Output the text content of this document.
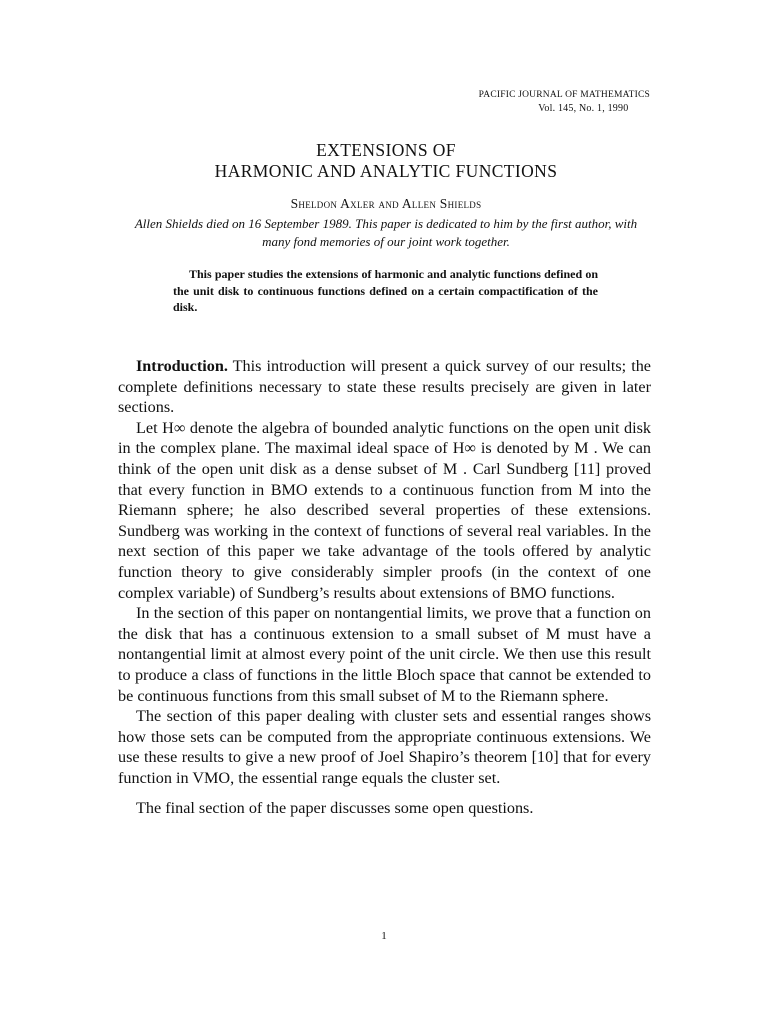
PACIFIC JOURNAL OF MATHEMATICS
Vol. 145, No. 1, 1990
EXTENSIONS OF
HARMONIC AND ANALYTIC FUNCTIONS
Sheldon Axler and Allen Shields
Allen Shields died on 16 September 1989. This paper is dedicated to him by the first author, with many fond memories of our joint work together.
This paper studies the extensions of harmonic and analytic functions defined on the unit disk to continuous functions defined on a certain compactification of the disk.

Introduction. This introduction will present a quick survey of our results; the complete definitions necessary to state these results precisely are given in later sections.

Let H∞ denote the algebra of bounded analytic functions on the open unit disk in the complex plane. The maximal ideal space of H∞ is denoted by M . We can think of the open unit disk as a dense subset of M . Carl Sundberg [11] proved that every function in BMO extends to a continuous function from M into the Riemann sphere; he also described several properties of these extensions. Sundberg was working in the context of functions of several real variables. In the next section of this paper we take advantage of the tools offered by analytic function theory to give considerably simpler proofs (in the context of one complex variable) of Sundberg’s results about extensions of BMO functions.

In the section of this paper on nontangential limits, we prove that a function on the disk that has a continuous extension to a small subset of M must have a nontangential limit at almost every point of the unit circle. We then use this result to produce a class of functions in the little Bloch space that cannot be extended to be continuous functions from this small subset of M to the Riemann sphere.

The section of this paper dealing with cluster sets and essential ranges shows how those sets can be computed from the appropriate continuous extensions. We use these results to give a new proof of Joel Shapiro’s theorem [10] that for every function in VMO, the essential range equals the cluster set.

The final section of the paper discusses some open questions.

1
